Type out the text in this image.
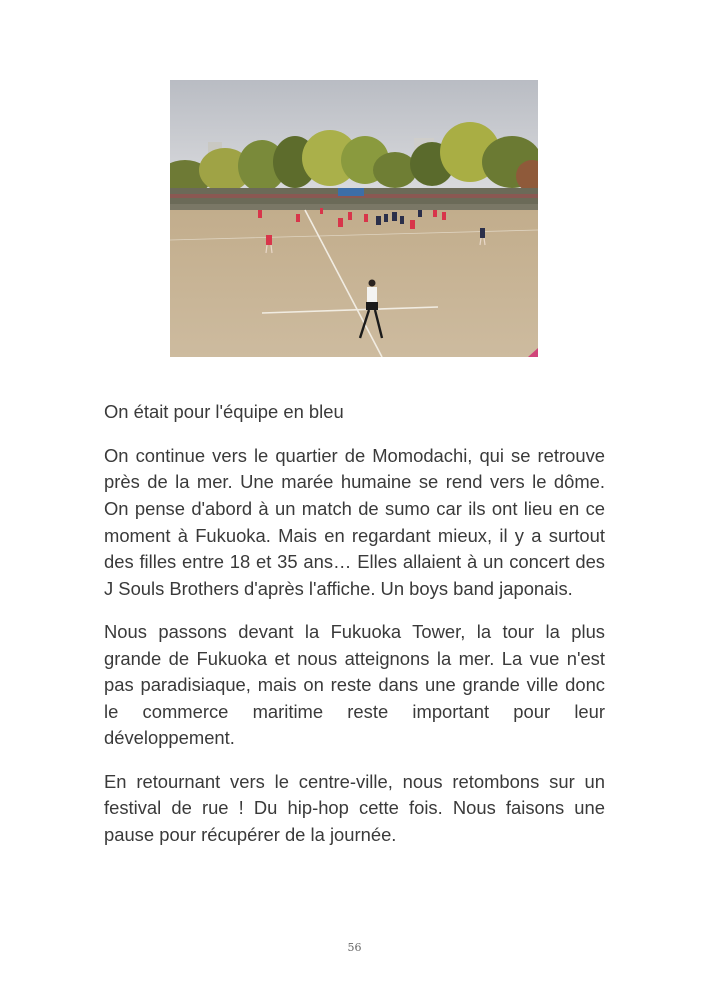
On était pour l'équipe en bleu

On continue vers le quartier de Momodachi, qui se retrouve près de la mer. Une marée humaine se rend vers le dôme. On pense d'abord à un match de sumo car ils ont lieu en ce moment à Fukuoka. Mais en regardant mieux, il y a surtout des filles entre 18 et 35 ans… Elles allaient à un concert des J Souls Brothers d'après l'affiche. Un boys band japonais.

Nous passons devant la Fukuoka Tower, la tour la plus grande de Fukuoka et nous atteignons la mer. La vue n'est pas paradisiaque, mais on reste dans une grande ville donc le commerce maritime reste important pour leur développement.

En retournant vers le centre-ville, nous retombons sur un festival de rue ! Du hip-hop cette fois. Nous faisons une pause pour récupérer de la journée.

56
